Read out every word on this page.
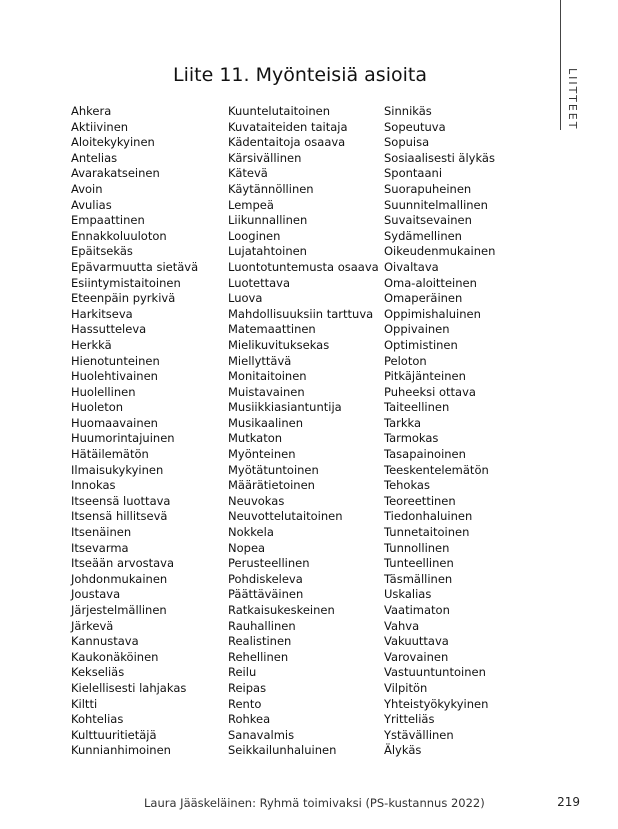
LIITTEET
Liite 11. Myönteisiä asioita
Ahkera
Aktiivinen
Aloitekykyinen
Antelias
Avarakatseinen
Avoin
Avulias
Empaattinen
Ennakkoluuloton
Epäitsekäs
Epävarmuutta sietävä
Esiintymistaitoinen
Eteenpäin pyrkivä
Harkitseva
Hassutteleva
Herkkä
Hienotunteinen
Huolehtivainen
Huolellinen
Huoleton
Huomaavainen
Huumorintajuinen
Hätäilemätön
Ilmaisukykyinen
Innokas
Itseensä luottava
Itsensä hillitsevä
Itsenäinen
Itsevarma
Itseään arvostava
Johdonmukainen
Joustava
Järjestelmällinen
Järkevä
Kannustava
Kaukonäköinen
Kekseliäs
Kielellisesti lahjakas
Kiltti
Kohtelias
Kulttuuritietäjä
Kunnianhimoinen
Kuuntelutaitoinen
Kuvataiteiden taitaja
Kädentaitoja osaava
Kärsivällinen
Kätevä
Käytännöllinen
Lempeä
Liikunnallinen
Looginen
Lujatahtoinen
Luontotuntemusta osaava
Luotettava
Luova
Mahdollisuuksiin tarttuva
Matemaattinen
Mielikuvituksekas
Miellyttävä
Monitaitoinen
Muistavainen
Musiikkiasiantuntija
Musikaalinen
Mutkaton
Myönteinen
Myötätuntoinen
Määrätietoinen
Neuvokas
Neuvottelutaitoinen
Nokkela
Nopea
Perusteellinen
Pohdiskeleva
Päättäväinen
Ratkaisukeskeinen
Rauhallinen
Realistinen
Rehellinen
Reilu
Reipas
Rento
Rohkea
Sanavalmis
Seikkailunhaluinen
Sinnikäs
Sopeutuva
Sopuisa
Sosiaalisesti älykäs
Spontaani
Suorapuheinen
Suunnitelmallinen
Suvaitsevainen
Sydämellinen
Oikeudenmukainen
Oivaltava
Oma-aloitteinen
Omaperäinen
Oppimishaluinen
Oppivainen
Optimistinen
Peloton
Pitkäjänteinen
Puheeksi ottava
Taiteellinen
Tarkka
Tarmokas
Tasapainoinen
Teeskentelemätön
Tehokas
Teoreettinen
Tiedonhaluinen
Tunnetaitoinen
Tunnollinen
Tunteellinen
Täsmällinen
Uskalias
Vaatimaton
Vahva
Vakuuttava
Varovainen
Vastuuntuntoinen
Vilpitön
Yhteistyökykyinen
Yritteliäs
Ystävällinen
Älykäs
Laura Jääskeläinen: Ryhmä toimivaksi (PS-kustannus 2022)	219
